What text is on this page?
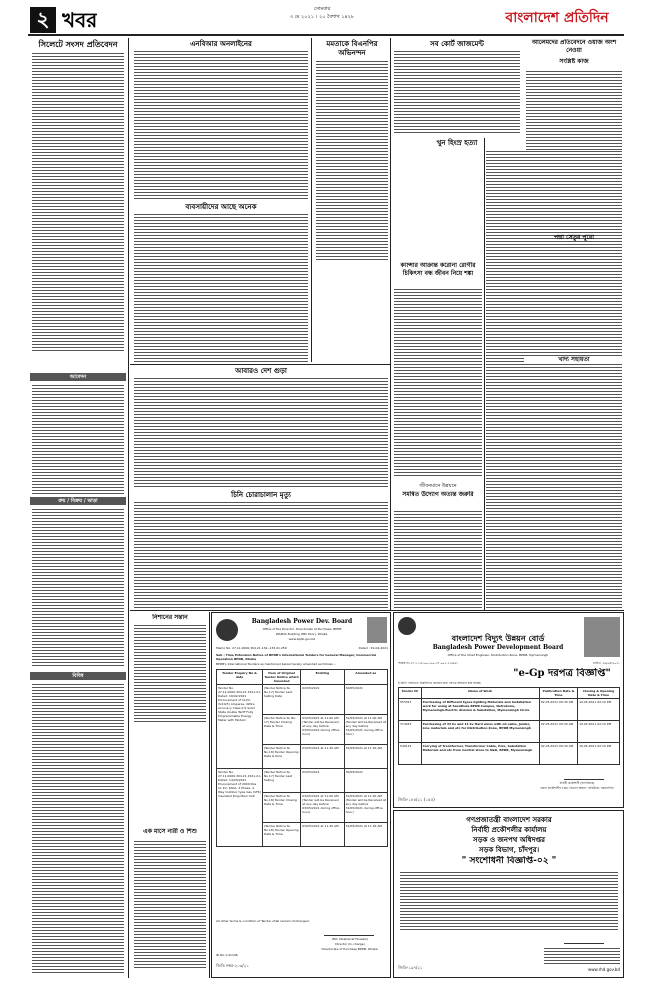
২ খবর	সোমবার
৩ মে ২০২১ । ২০ বৈশাখ ১৪২৮	বাংলাদেশ প্রতিদিন
সিলেটে সংসদ প্রতিবেদন
আবেদন
ক্রয় / বিক্রয় / ভাড়া
বিবিধ
এনবিআর অনলাইনের	মমতাকে বিএনপির অভিনন্দন
ব্যবসায়ীদের আছে অনেক
আবারও দেশ গুড়া
চিনি চোরাচালান মৃত্যু
ক্যান্সার আক্রান্ত করোনা রোগীর চিকিৎসা বন্ধ জীবন নিয়ে শঙ্কা
জীবনমানে উন্নয়নে
সমন্বিত উদ্যোগ অত্যন্ত জরুরি
সব কোর্ট জাজমেন্ট	আলেমদের প্রতিবেদনে ওয়াজ অংশ নেওয়া
সংশ্লিষ্ট কাজ
খুন হিংস্র হত্যা
পদ্মা সেতুর পুরো
খাদ্য সহায়তা
নিশানের সন্তান
এক মাসে নারী ও শিশু
Bangladesh Power Dev. Board
Office of the Director, Directorate of Purchase, BPDB
WAPDA Building (8th floor), Dhaka.
www.bpdb.gov.bd
Memo No. 27.11.0000.304.21.132.-133.21.259	Dated : 29-04-2021
Sub : Time Extension Notice of BPDB's International Tenders for General Manager, Commercial Operation BPDB, Dhaka
BPDB's International Tenders as mentioned below hereby amended as follows :-
Tender Enquiry No & date	Item of Original Tender Notice which Amended	Existing	Amended as
Tender No. 27.11.0000.304.21.1521.21, Dated: 16/02/2021 Procurement of 110V, 3x10(5) Amperes, 4Wire Accuracy Class 0.5 Solid State double Tariff Fully Programmable Energy Meter with Modem	(Tender Notice SL No.17) Tender Last Selling Date	02/05/2021	30/05/2021
	(Tender Notice SL No. 17) Tender Closing Date & Time	03/05/2021 at 11.00 AM (Tender will be Received at any day before 03/05/2021 during office hour)	31/05/2021 at 11.00 AM (Tender will be Received at any day before 31/05/2021 during office hour)
	(Tender Notice SL No.18) Tender Opening Date & time	03/05/2021 at 11.30 AM	31/05/2021 at 11.30 AM
Tender No. 27.11.0000.304.21.1521.21, Dated: 14/03/2021 Procurement of 2000 Nos 11 KV, 630A, 3 Phase, 4 Way Outdoor type Gas (SF6) Insulated Ring Main Unit	(Tender Notice SL No.17) Tender Last Selling	02/05/2021	30/05/2021
	(Tender Notice SL No.18) Tender Closing Date & Time	03/05/2021 at 11.00 AM (Tender will be Received at any day before 03/05/2021 during office hour)	31/05/2021 at 11.00 AM (Tender will be Received at any day before 31/05/2021 during office hour)
	(Tender Notice SL No.18) Tender Opening Date & Time	03/05/2021 at 11.30 AM	31/05/2021 at 11.30 AM
All other terms & condition of Tender shall remain Unchanged.
(Md. Mosharraf Hossain)
Director (In-charge)
Directorate of Purchase BPDB, Dhaka.
ID No.1-31196
জিডি নম্বর-২০৩/২১
বাংলাদেশ বিদ্যুৎ উন্নয়ন বোর্ড
Bangladesh Power Development Board
Office of the Chief Engineer, Distribution Zone, BPDB, Mymensingh
স্মারক নং-২৭.১১.৬১০০.৫০০.৩৭.০০১.২১/৯৯১	তারিখ: ২৯/০৪/২০২১
"e-Gp দরপত্র বিজ্ঞপ্তি"
ই-জিপি পদ্ধতিতে নিম্নলিখিত কাজের জন্য দরপত্র আহবান করা যাচ্ছে।
Tender ID	Name of Work	Publication Date & Time	Closing & Opening Date & Time
553327	Purchasing of Different types lighting Materials and Installation work for using at Savathola BPDB Campus, Netrokona, Mymensingh-Electric division & Substation, Mymensingh Circle	02.05.2021 09:30 AM	19.05.2021 02:10 PM
374453	Purchasing of 33 kv and 11 kv Hard wires with oil cable, Jumbo, Line materials and etc for Distribution Zone, BPDB Mymensingh	02.05.2021 09:30 AM	19.05.2021 02:10 PM
540115	Carrying of Transformer, Transformer Cable, Pole, Substation Materials and etc from Central store to S&D, BPDB, Mymensingh	02.05.2021 09:30 AM	19.05.2021 02:10 PM
নির্বাহী প্রকৌশলী (বাণিজ্যিক)
প্রধান প্রকৌশলীর দপ্তর, বিতরণ অঞ্চল, বাবিউবো, ময়মনসিংহ
জিডি-১৮৫/২১ (১৫৫)
গণপ্রজাতন্ত্রী বাংলাদেশ সরকার
নির্বাহী প্রকৌশলীর কার্যালয়
সড়ক ও জনপথ অধিদপ্তর
সড়ক বিভাগ, চাঁদপুর।
" সংশোধনী বিজ্ঞপ্তি-০২ "
জিডি-১৯৭/২১	www.rhd.gov.bd
